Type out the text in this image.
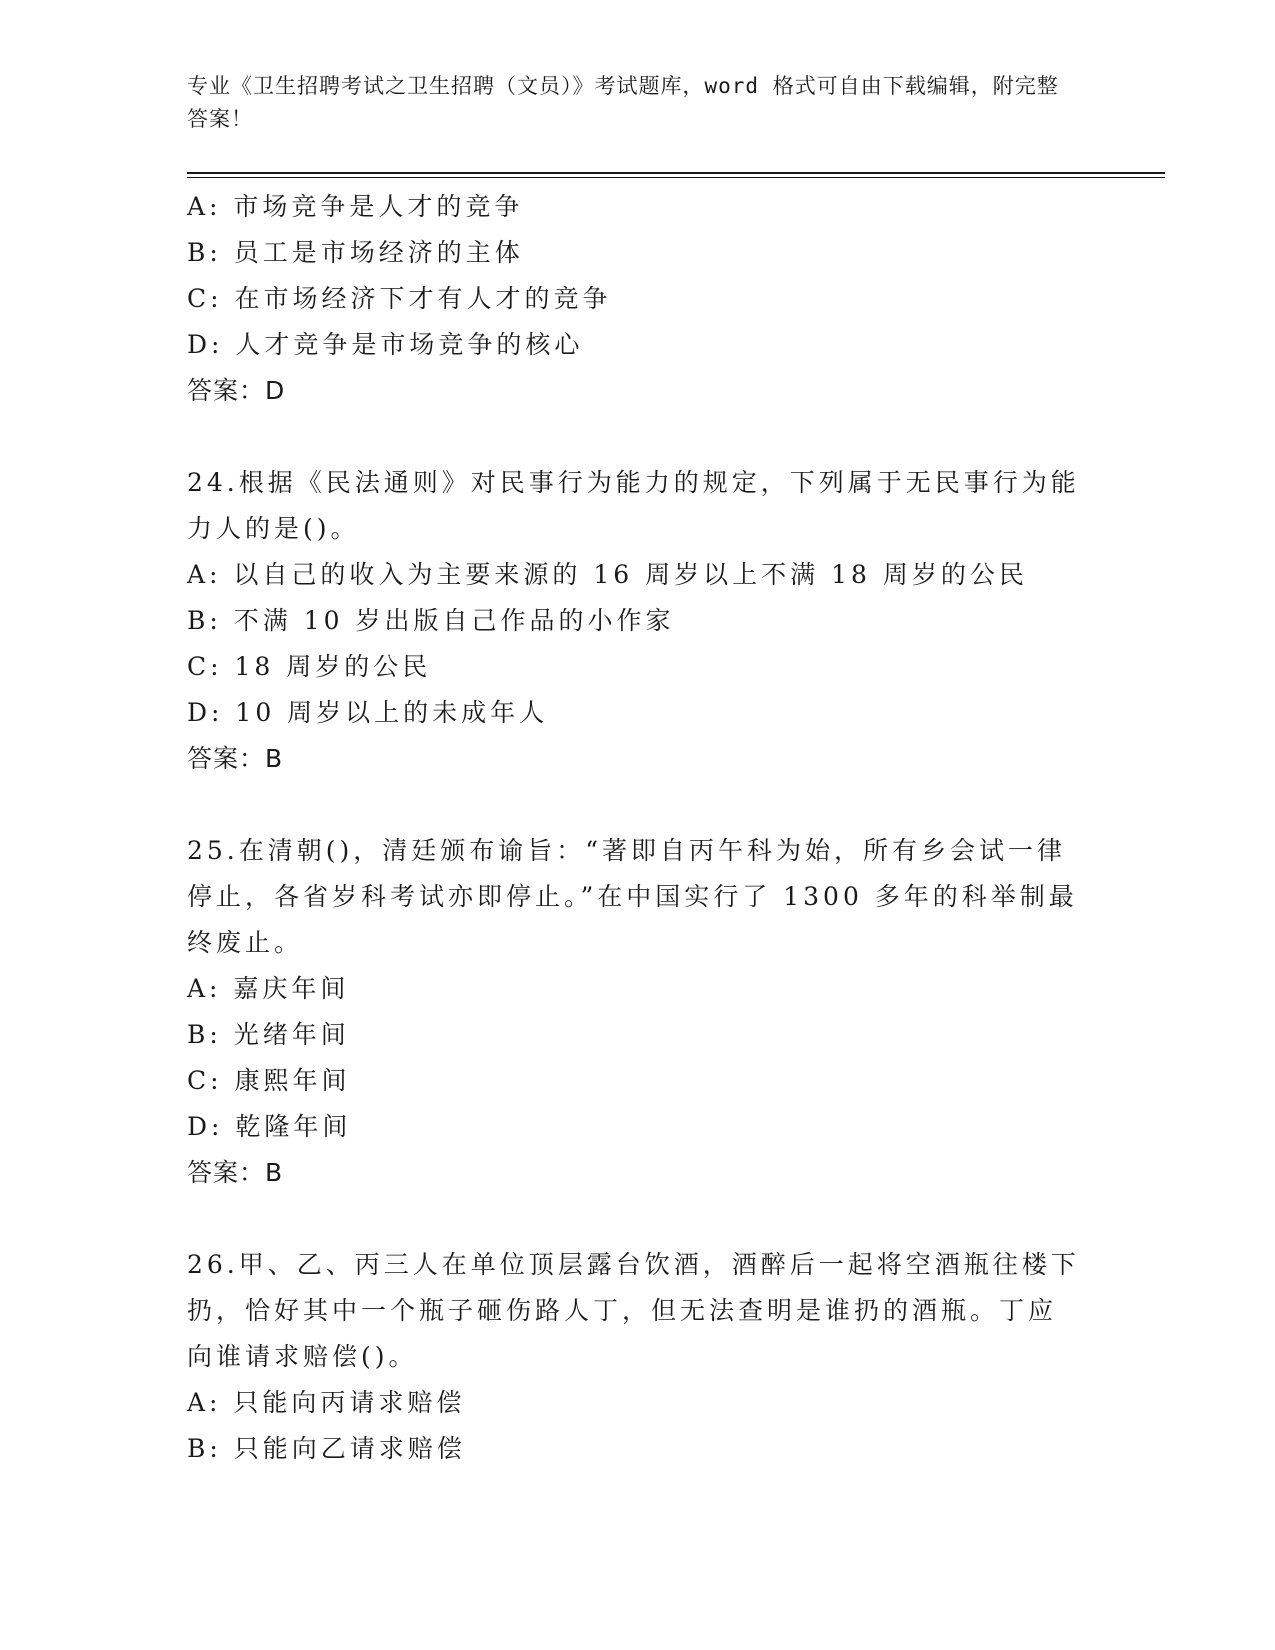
专业《卫生招聘考试之卫生招聘（文员）》考试题库，word 格式可自由下载编辑，附完整答案！
A: 市场竞争是人才的竞争
B: 员工是市场经济的主体
C: 在市场经济下才有人才的竞争
D: 人才竞争是市场竞争的核心
答案：D
24.根据《民法通则》对民事行为能力的规定，下列属于无民事行为能
力人的是()。
A: 以自己的收入为主要来源的 16 周岁以上不满 18 周岁的公民
B: 不满 10 岁出版自己作品的小作家
C: 18 周岁的公民
D: 10 周岁以上的未成年人
答案：B
25.在清朝()，清廷颁布谕旨：“著即自丙午科为始，所有乡会试一律
停止，各省岁科考试亦即停止。”在中国实行了 1300 多年的科举制最
终废止。
A: 嘉庆年间
B: 光绪年间
C: 康熙年间
D: 乾隆年间
答案：B
26.甲、乙、丙三人在单位顶层露台饮酒，酒醉后一起将空酒瓶往楼下
扔，恰好其中一个瓶子砸伤路人丁，但无法查明是谁扔的酒瓶。丁应
向谁请求赔偿()。
A: 只能向丙请求赔偿
B: 只能向乙请求赔偿
